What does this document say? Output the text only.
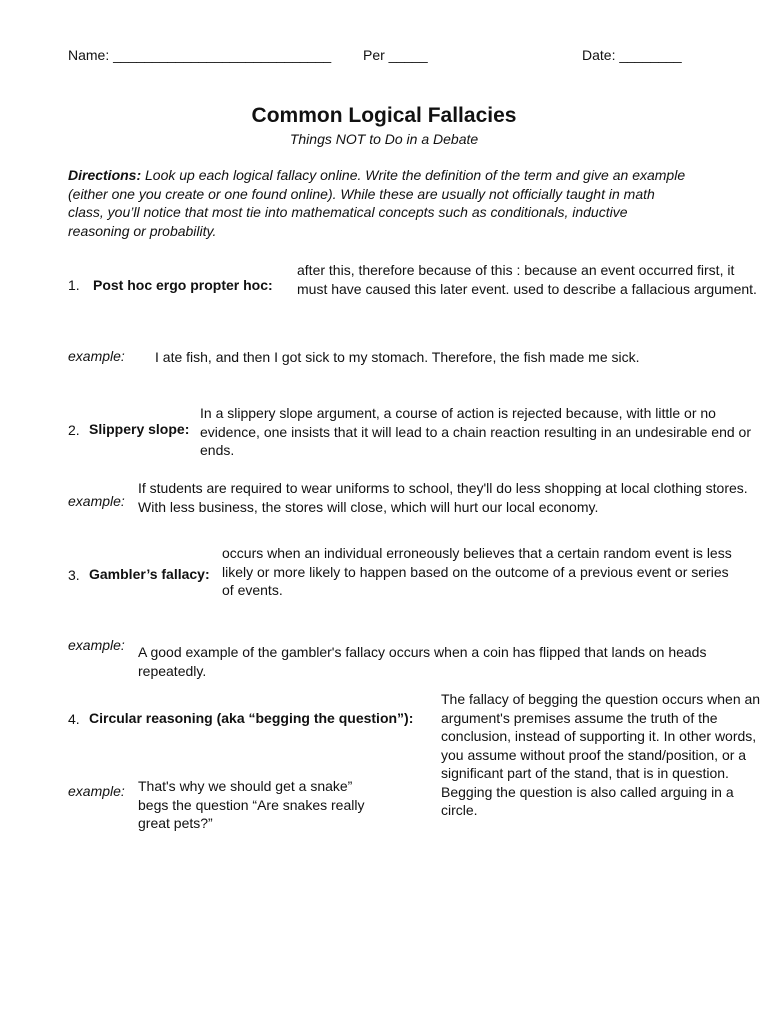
Name: ____________________________ Per _____	Date: ________
Common Logical Fallacies
Things NOT to Do in a Debate
Directions: Look up each logical fallacy online. Write the definition of the term and give an example (either one you create or one found online). While these are usually not officially taught in math class, you’ll notice that most tie into mathematical concepts such as conditionals, inductive reasoning or probability.
1. Post hoc ergo propter hoc:
after this, therefore because of this : because an event occurred first, it must have caused this later event. used to describe a fallacious argument.
example: I ate fish, and then I got sick to my stomach. Therefore, the fish made me sick.
2. Slippery slope:
In a slippery slope argument, a course of action is rejected because, with little or no evidence, one insists that it will lead to a chain reaction resulting in an undesirable end or ends.
example:
If students are required to wear uniforms to school, they'll do less shopping at local clothing stores. With less business, the stores will close, which will hurt our local economy.
3. Gambler’s fallacy:
occurs when an individual erroneously believes that a certain random event is less likely or more likely to happen based on the outcome of a previous event or series of events.
example: A good example of the gambler's fallacy occurs when a coin has flipped that lands on heads repeatedly.
4. Circular reasoning (aka “begging the question”):
The fallacy of begging the question occurs when an argument's premises assume the truth of the conclusion, instead of supporting it. In other words, you assume without proof the stand/position, or a significant part of the stand, that is in question. Begging the question is also called arguing in a circle.
example: That's why we should get a snake” begs the question “Are snakes really great pets?”
